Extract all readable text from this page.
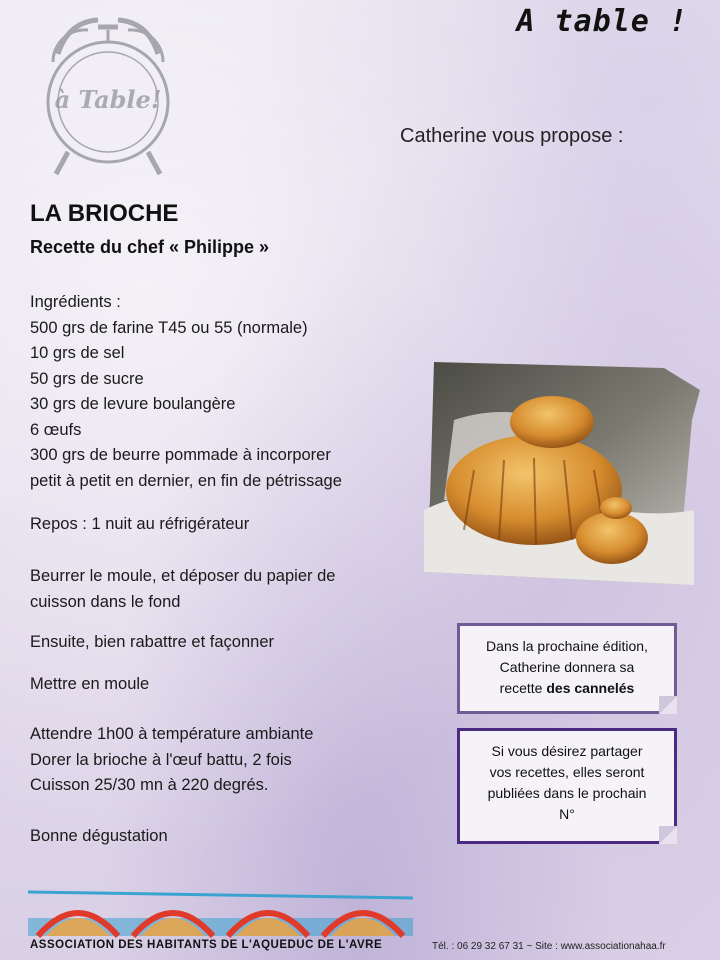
A table !
à Table!
Catherine vous propose :
LA BRIOCHE
Recette du chef « Philippe »
Ingrédients :
500 grs de farine T45 ou 55 (normale)
10 grs de sel
50 grs de sucre
30 grs de levure boulangère
6 œufs
300 grs de beurre pommade à incorporer
petit à petit en dernier, en fin de pétrissage
Repos : 1 nuit au réfrigérateur
Beurrer le moule, et déposer du papier de
cuisson dans le fond
Ensuite, bien rabattre et façonner
Mettre en moule
Attendre 1h00 à température ambiante
Dorer la brioche à l'œuf battu, 2 fois
Cuisson 25/30 mn à 220 degrés.
Bonne dégustation
Dans la prochaine édition,
Catherine donnera sa
recette des cannelés
Si vous désirez partager
vos recettes, elles seront
publiées dans le prochain
N°
ASSOCIATION DES HABITANTS DE L'AQUEDUC DE L'AVRE	Tél. : 06 29 32 67 31 ~ Site : www.associationahaa.fr
